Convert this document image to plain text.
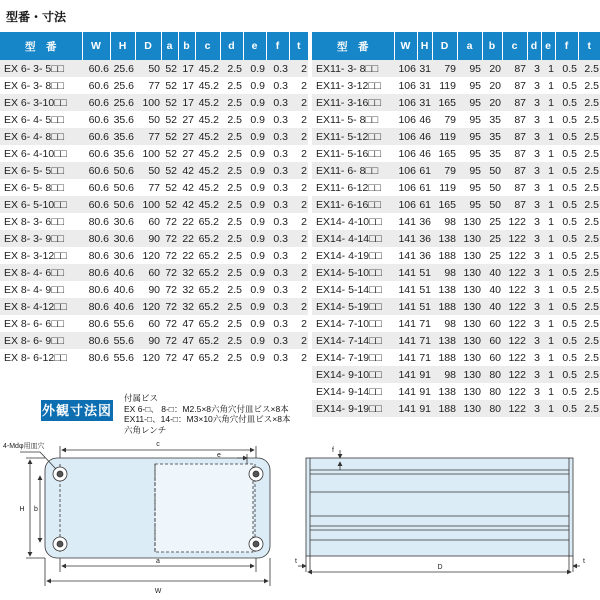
型番・寸法
型　番	W	H	D	a	b	c	d	e	f	t
EX 6- 3- 5□□	60.6	25.6	50	52	17	45.2	2.5	0.9	0.3	2
EX 6- 3- 8□□	60.6	25.6	77	52	17	45.2	2.5	0.9	0.3	2
EX 6- 3-10□□	60.6	25.6	100	52	17	45.2	2.5	0.9	0.3	2
EX 6- 4- 5□□	60.6	35.6	50	52	27	45.2	2.5	0.9	0.3	2
EX 6- 4- 8□□	60.6	35.6	77	52	27	45.2	2.5	0.9	0.3	2
EX 6- 4-10□□	60.6	35.6	100	52	27	45.2	2.5	0.9	0.3	2
EX 6- 5- 5□□	60.6	50.6	50	52	42	45.2	2.5	0.9	0.3	2
EX 6- 5- 8□□	60.6	50.6	77	52	42	45.2	2.5	0.9	0.3	2
EX 6- 5-10□□	60.6	50.6	100	52	42	45.2	2.5	0.9	0.3	2
EX 8- 3- 6□□	80.6	30.6	60	72	22	65.2	2.5	0.9	0.3	2
EX 8- 3- 9□□	80.6	30.6	90	72	22	65.2	2.5	0.9	0.3	2
EX 8- 3-12□□	80.6	30.6	120	72	22	65.2	2.5	0.9	0.3	2
EX 8- 4- 6□□	80.6	40.6	60	72	32	65.2	2.5	0.9	0.3	2
EX 8- 4- 9□□	80.6	40.6	90	72	32	65.2	2.5	0.9	0.3	2
EX 8- 4-12□□	80.6	40.6	120	72	32	65.2	2.5	0.9	0.3	2
EX 8- 6- 6□□	80.6	55.6	60	72	47	65.2	2.5	0.9	0.3	2
EX 8- 6- 9□□	80.6	55.6	90	72	47	65.2	2.5	0.9	0.3	2
EX 8- 6-12□□	80.6	55.6	120	72	47	65.2	2.5	0.9	0.3	2
型　番	W	H	D	a	b	c	d	e	f	t
EX11- 3- 8□□	106	31	79	95	20	87	3	1	0.5	2.5
EX11- 3-12□□	106	31	119	95	20	87	3	1	0.5	2.5
EX11- 3-16□□	106	31	165	95	20	87	3	1	0.5	2.5
EX11- 5- 8□□	106	46	79	95	35	87	3	1	0.5	2.5
EX11- 5-12□□	106	46	119	95	35	87	3	1	0.5	2.5
EX11- 5-16□□	106	46	165	95	35	87	3	1	0.5	2.5
EX11- 6- 8□□	106	61	79	95	50	87	3	1	0.5	2.5
EX11- 6-12□□	106	61	119	95	50	87	3	1	0.5	2.5
EX11- 6-16□□	106	61	165	95	50	87	3	1	0.5	2.5
EX14- 4-10□□	141	36	98	130	25	122	3	1	0.5	2.5
EX14- 4-14□□	141	36	138	130	25	122	3	1	0.5	2.5
EX14- 4-19□□	141	36	188	130	25	122	3	1	0.5	2.5
EX14- 5-10□□	141	51	98	130	40	122	3	1	0.5	2.5
EX14- 5-14□□	141	51	138	130	40	122	3	1	0.5	2.5
EX14- 5-19□□	141	51	188	130	40	122	3	1	0.5	2.5
EX14- 7-10□□	141	71	98	130	60	122	3	1	0.5	2.5
EX14- 7-14□□	141	71	138	130	60	122	3	1	0.5	2.5
EX14- 7-19□□	141	71	188	130	60	122	3	1	0.5	2.5
EX14- 9-10□□	141	91	98	130	80	122	3	1	0.5	2.5
EX14- 9-14□□	141	91	138	130	80	122	3	1	0.5	2.5
EX14- 9-19□□	141	91	188	130	80	122	3	1	0.5	2.5
外観寸法図
付属ビス
EX 6-□、 8-□：M2.5×8六角穴付皿ビス×8本
EX11-□、14-□：M3×10六角穴付皿ビス×8本
六角レンチ
4-Mdφ用皿穴	c
e
H b
a
W
f
t	t
D
